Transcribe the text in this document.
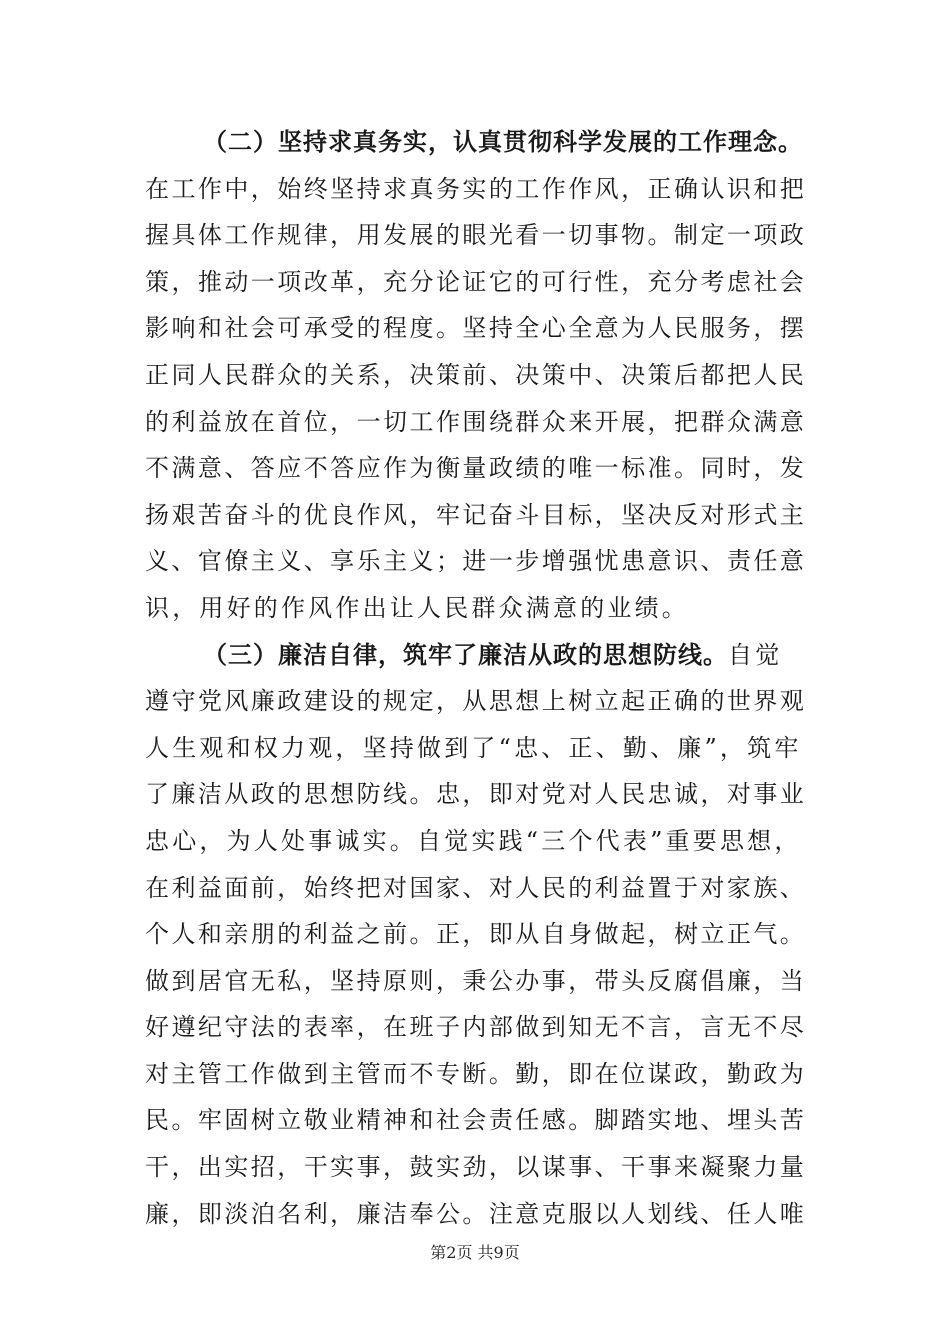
（二）坚持求真务实，认真贯彻科学发展的工作理念。
在工作中，始终坚持求真务实的工作作风，正确认识和把
握具体工作规律，用发展的眼光看一切事物。制定一项政
策，推动一项改革，充分论证它的可行性，充分考虑社会
影响和社会可承受的程度。坚持全心全意为人民服务，摆
正同人民群众的关系，决策前、决策中、决策后都把人民
的利益放在首位，一切工作围绕群众来开展，把群众满意
不满意、答应不答应作为衡量政绩的唯一标准。同时，发
扬艰苦奋斗的优良作风，牢记奋斗目标，坚决反对形式主
义、官僚主义、享乐主义；进一步增强忧患意识、责任意
识，用好的作风作出让人民群众满意的业绩。
（三）廉洁自律，筑牢了廉洁从政的思想防线。自觉
遵守党风廉政建设的规定，从思想上树立起正确的世界观
人生观和权力观，坚持做到了“忠、正、勤、廉”，筑牢
了廉洁从政的思想防线。忠，即对党对人民忠诚，对事业
忠心，为人处事诚实。自觉实践“三个代表”重要思想，
在利益面前，始终把对国家、对人民的利益置于对家族、
个人和亲朋的利益之前。正，即从自身做起，树立正气。
做到居官无私，坚持原则，秉公办事，带头反腐倡廉，当
好遵纪守法的表率，在班子内部做到知无不言，言无不尽
对主管工作做到主管而不专断。勤，即在位谋政，勤政为
民。牢固树立敬业精神和社会责任感。脚踏实地、埋头苦
干，出实招，干实事，鼓实劲，以谋事、干事来凝聚力量
廉，即淡泊名利，廉洁奉公。注意克服以人划线、任人唯
第2页 共9页
